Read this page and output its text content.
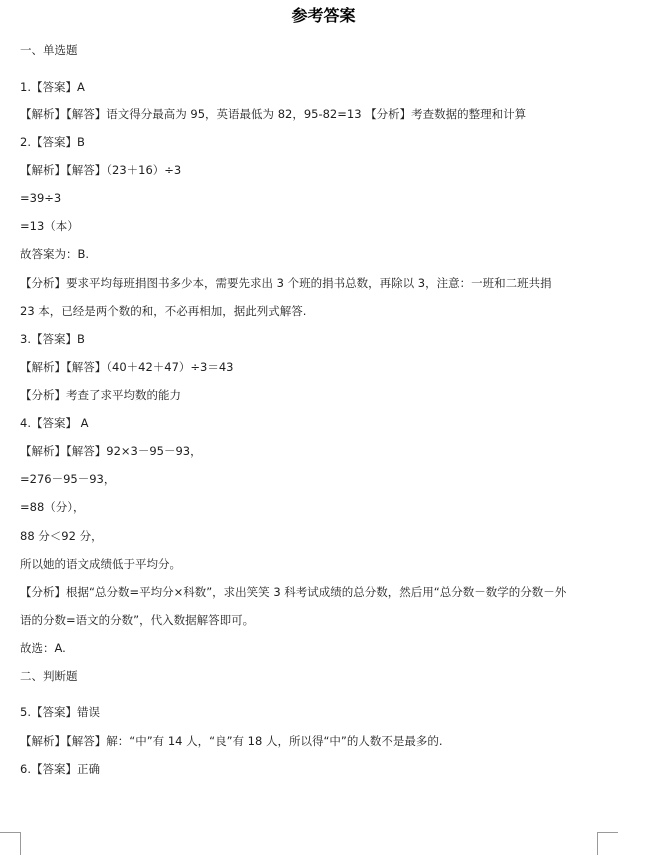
参考答案
一、单选题
1.【答案】A
【解析】【解答】语文得分最高为 95，英语最低为 82，95-82=13 【分析】考查数据的整理和计算
2.【答案】B
【解析】【解答】（23＋16）÷3
=39÷3
=13（本）
故答案为：B.
【分析】要求平均每班捐图书多少本，需要先求出 3 个班的捐书总数，再除以 3，注意：一班和二班共捐
23 本，已经是两个数的和，不必再相加，据此列式解答.
3.【答案】B
【解析】【解答】（40＋42＋47）÷3＝43
【分析】考查了求平均数的能力
4.【答案】 A
【解析】【解答】92×3－95－93，
=276－95－93，
=88（分），
88 分＜92 分，
所以她的语文成绩低于平均分。
【分析】根据“总分数=平均分×科数”，求出笑笑 3 科考试成绩的总分数，然后用“总分数－数学的分数－外
语的分数=语文的分数”，代入数据解答即可。
故选：A.
二、判断题
5.【答案】错误
【解析】【解答】解：“中”有 14 人，“良”有 18 人，所以得“中”的人数不是最多的.
6.【答案】正确
